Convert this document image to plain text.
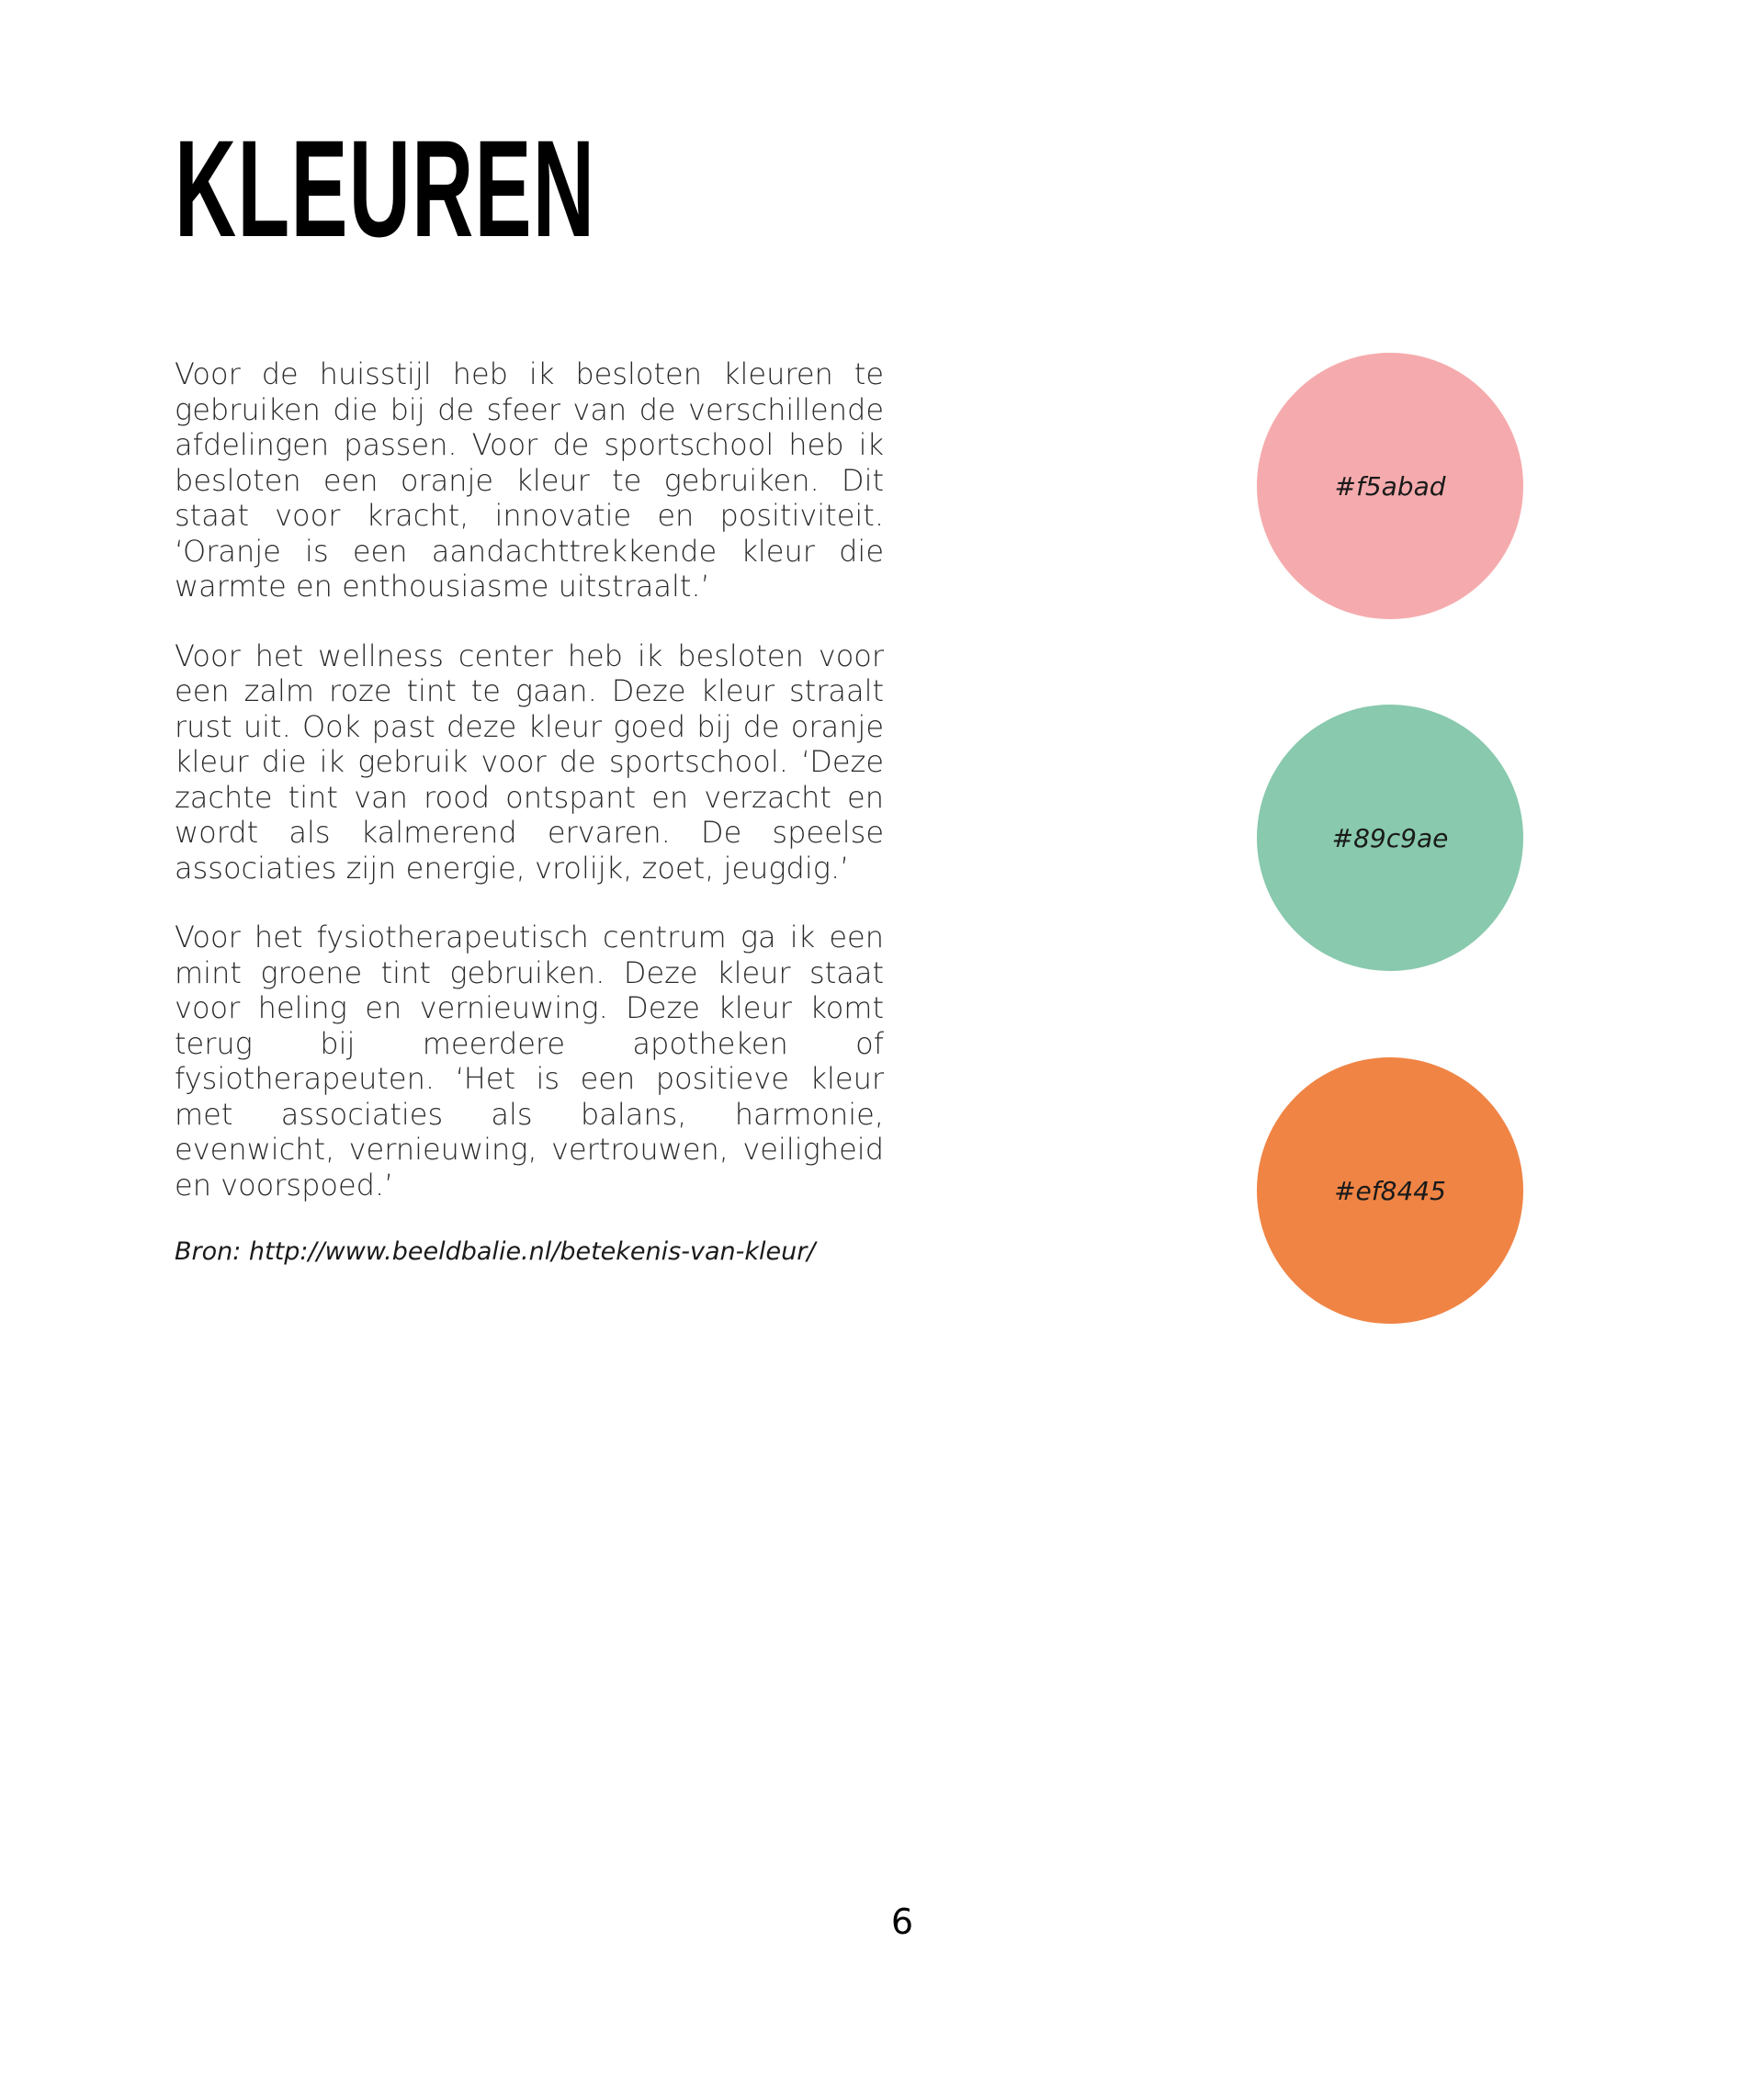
KLEUREN

Voor de huisstijl heb ik besloten kleuren te gebruiken die bij de sfeer van de verschillende afdelingen passen. Voor de sportschool heb ik besloten een oranje kleur te gebruiken. Dit staat voor kracht, innovatie en positiviteit. ‘Oranje is een aandachttrekkende kleur die warmte en enthousiasme uitstraalt.’

Voor het wellness center heb ik besloten voor een zalm roze tint te gaan. Deze kleur straalt rust uit. Ook past deze kleur goed bij de oranje kleur die ik gebruik voor de sportschool. ‘Deze zachte tint van rood ontspant en verzacht en wordt als kalmerend ervaren. De speelse associaties zijn energie, vrolijk, zoet, jeugdig.’

Voor het fysiotherapeutisch centrum ga ik een mint groene tint gebruiken. Deze kleur staat voor heling en vernieuwing. Deze kleur komt terug bij meerdere apotheken of fysiotherapeuten. ‘Het is een positieve kleur met associaties als balans, harmonie, evenwicht, vernieuwing, vertrouwen, veiligheid en voorspoed.’

Bron: http://www.beeldbalie.nl/betekenis-van-kleur/

#f5abad
#89c9ae
#ef8445
6
